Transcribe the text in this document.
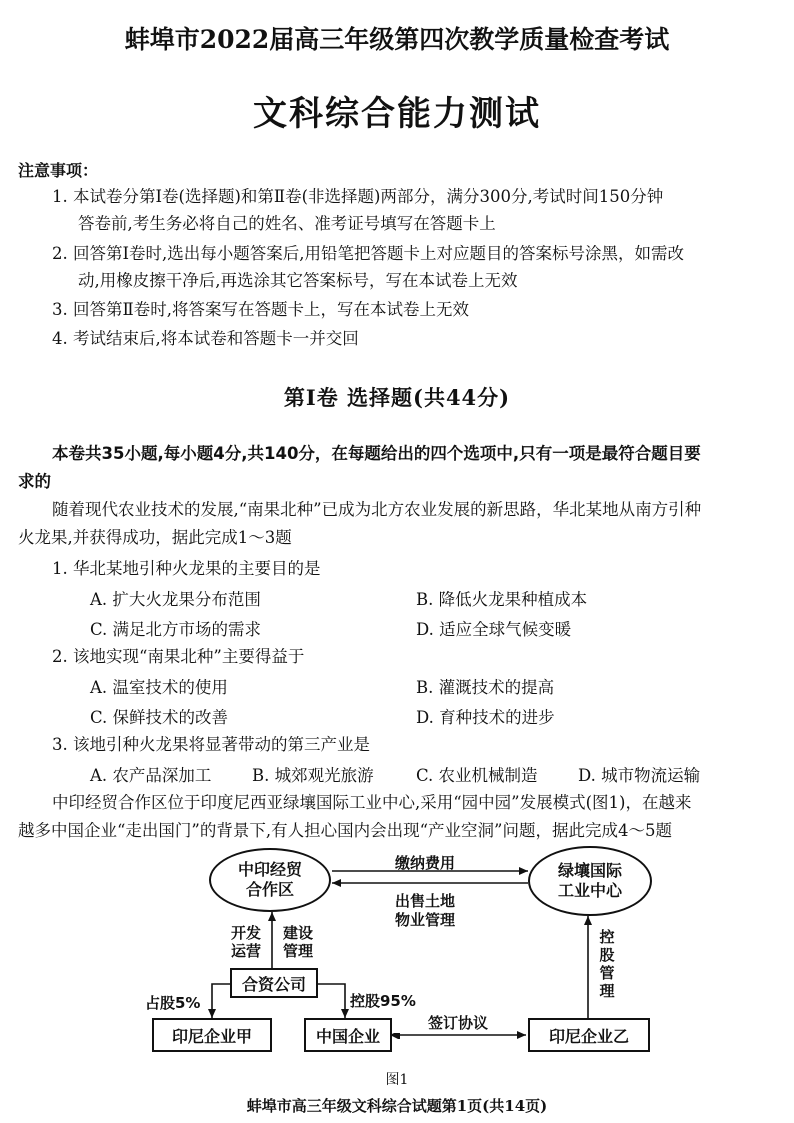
蚌埠市2022届高三年级第四次教学质量检查考试
文科综合能力测试
注意事项：
1. 本试卷分第Ⅰ卷(选择题)和第Ⅱ卷(非选择题)两部分，满分300分,考试时间150分钟
答卷前,考生务必将自己的姓名、准考证号填写在答题卡上
2. 回答第Ⅰ卷时,选出每小题答案后,用铅笔把答题卡上对应题目的答案标号涂黑，如需改
动,用橡皮擦干净后,再选涂其它答案标号，写在本试卷上无效
3. 回答第Ⅱ卷时,将答案写在答题卡上，写在本试卷上无效
4. 考试结束后,将本试卷和答题卡一并交回
第Ⅰ卷 选择题(共44分)
本卷共35小题,每小题4分,共140分，在每题给出的四个选项中,只有一项是最符合题目要
求的
随着现代农业技术的发展,“南果北种”已成为北方农业发展的新思路，华北某地从南方引种
火龙果,并获得成功，据此完成1～3题
1. 华北某地引种火龙果的主要目的是
A. 扩大火龙果分布范围	B. 降低火龙果种植成本
C. 满足北方市场的需求	D. 适应全球气候变暖
2. 该地实现“南果北种”主要得益于
A. 温室技术的使用	B. 灌溉技术的提高
C. 保鲜技术的改善	D. 育种技术的进步
3. 该地引种火龙果将显著带动的第三产业是
A. 农产品深加工 B. 城郊观光旅游	C. 农业机械制造 D. 城市物流运输
中印经贸合作区位于印度尼西亚绿壤国际工业中心,采用“园中园”发展模式(图1)，在越来
越多中国企业“走出国门”的背景下,有人担心国内会出现“产业空洞”问题，据此完成4～5题
中印经贸
合作区
绿壤国际
工业中心
合资公司
印尼企业甲	中国企业	印尼企业乙
缴纳费用
出售土地
物业管理
开发运营
建设管理
占股5%	控股95%
签订协议
控股管理
图1
蚌埠市高三年级文科综合试题第1页(共14页)
